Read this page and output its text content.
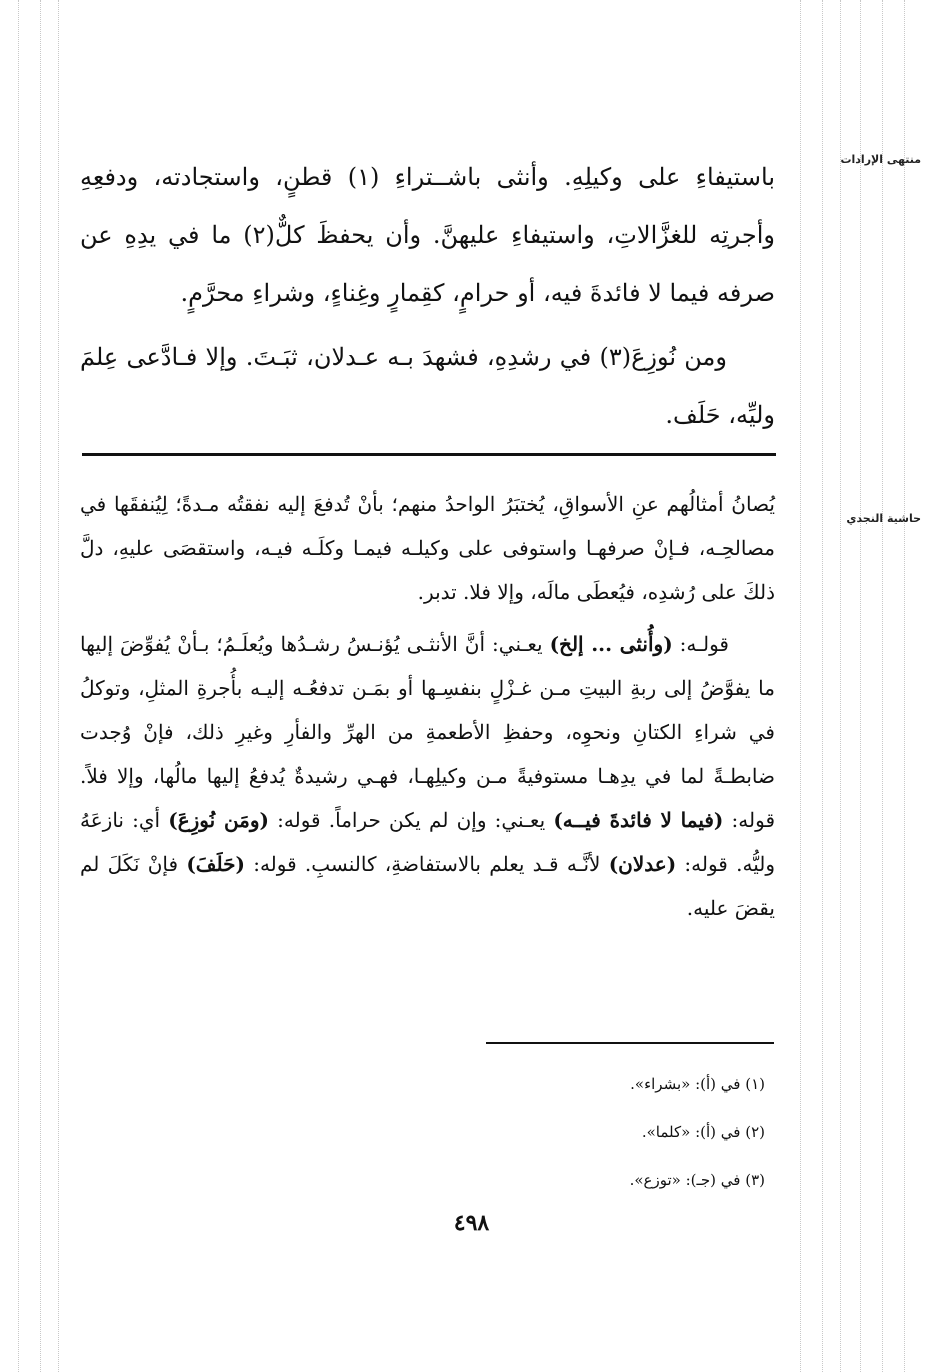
منتهى الإرادات
حاشية النجدي

باستيفاءِ على وكيلِهِ. وأنثى باشــتراءِ (١) قطنٍ، واستجادته، ودفعِهِ وأجرتِه للغزَّالاتِ، واستيفاءِ عليهنَّ. وأن يحفظَ كلٌّ(٢) ما في يدِهِ عن صرفه فيما لا فائدةَ فيه، أو حرامٍ، كقِمارٍ وغِناءٍ، وشراءِ محرَّمٍ.

ومن نُوزِعَ(٣) في رشدِهِ، فشهدَ بـه عـدلان، ثبَـتَ. وإلا فـادَّعى عِلمَ وليِّه، حَلَف.

يُصانُ أمثالُهم عنِ الأسواقِ، يُختبَرُ الواحدُ منهم؛ بأنْ تُدفعَ إليه نفقتُه مـدةً؛ لِيُنفقَها في مصالحِـه، فـإنْ صرفهـا واستوفى على وكيلـه فيمـا وكلَـه فيـه، واستقصَى عليهِ، دلَّ ذلكَ على رُشدِه، فيُعطَى مالَه، وإلا فلا. تدبر.

قولـه: (وأُنثى ... إلخ) يعـني: أنَّ الأنثـى يُؤنـسُ رشـدُها ويُعلَـمُ؛ بـأنْ يُفوِّضَ إليها ما يفوَّضُ إلى ربةِ البيتِ مـن غـزْلٍ بنفسِـها أو بمَـن تدفعُـه إليـه بأُجرةِ المثلِ، وتوكلُ في شراءِ الكتانِ ونحوِه، وحفظِ الأطعمةِ من الهرِّ والفأرِ وغيرِ ذلك، فإنْ وُجدت ضابطـةً لما في يدِهـا مستوفيةً مـن وكيلِهـا، فهـي رشيدةٌ يُدفعُ إليها مالُها، وإلا فلاً. قوله: (فيما لا فائدةَ فيــه) يعـني: وإن لم يكن حراماً. قوله: (ومَن نُوزِعَ) أي: نازعَهُ وليُّه. قوله: (عدلان) لأنَّـه قـد يعلم بالاستفاضةِ، كالنسبِ. قوله: (حَلَفَ) فإنْ نَكَلَ لم يقضَ عليه.

(١) في (أ): «بشراء».
(٢) في (أ): «كلما».
(٣) في (جـ): «توزع».
٤٩٨
